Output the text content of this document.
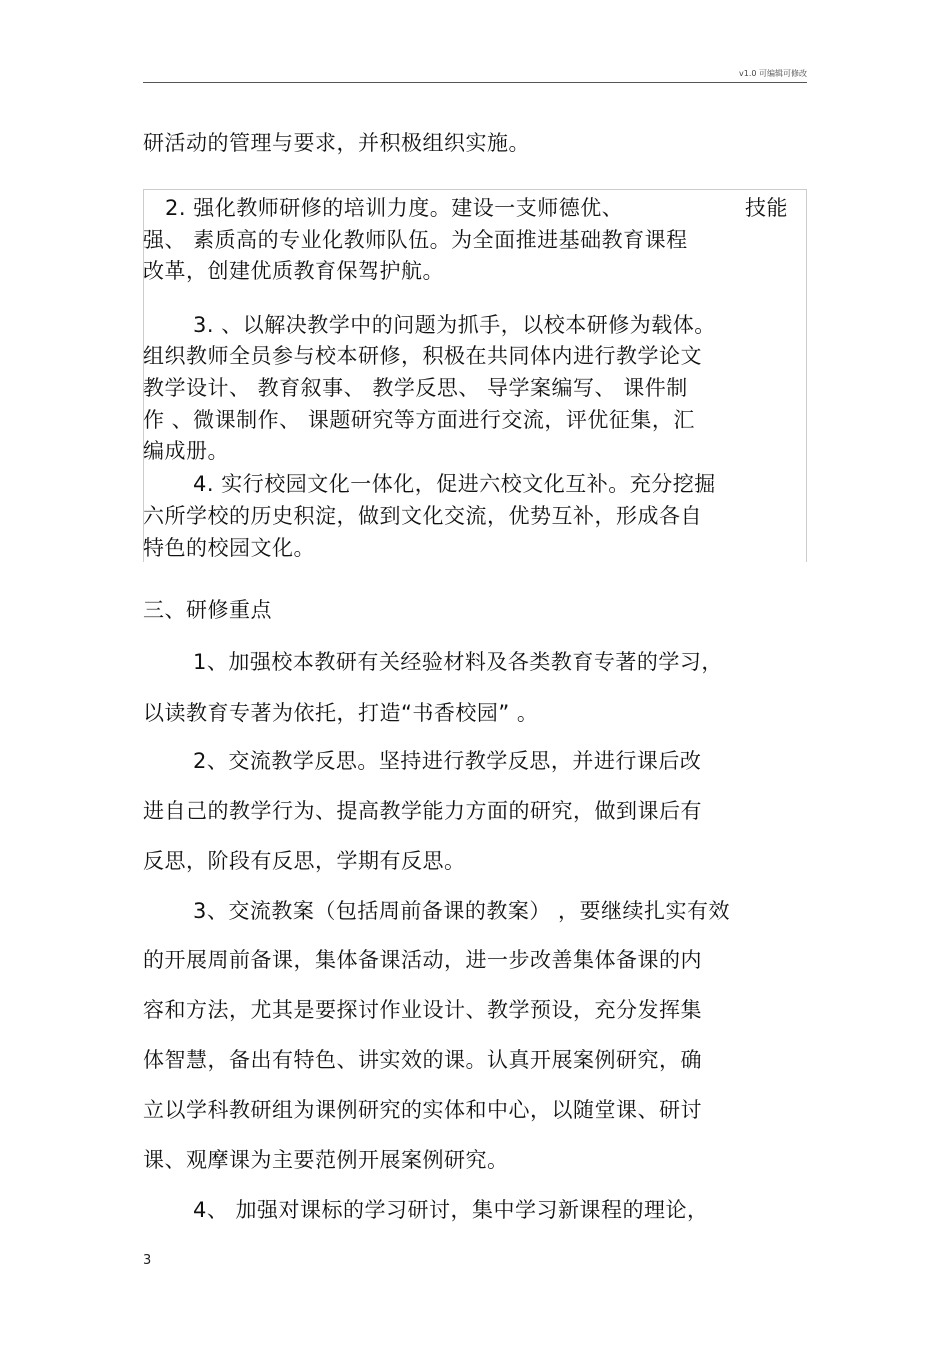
v1.0 可编辑可修改
研活动的管理与要求，并积极组织实施。
2. 强化教师研修的培训力度。建设一支师德优、	技能
强、 素质高的专业化教师队伍。为全面推进基础教育课程
改革，创建优质教育保驾护航。
3. 、以解决教学中的问题为抓手，以校本研修为载体。
组织教师全员参与校本研修，积极在共同体内进行教学论文
教学设计、 教育叙事、 教学反思、 导学案编写、 课件制
作 、微课制作、 课题研究等方面进行交流，评优征集，汇
编成册。
4. 实行校园文化一体化，促进六校文化互补。充分挖掘
六所学校的历史积淀，做到文化交流，优势互补，形成各自
特色的校园文化。
三、研修重点
1、加强校本教研有关经验材料及各类教育专著的学习，
以读教育专著为依托，打造“书香校园” 。
2、交流教学反思。坚持进行教学反思，并进行课后改
进自己的教学行为、提高教学能力方面的研究，做到课后有
反思，阶段有反思，学期有反思。
3、交流教案（包括周前备课的教案） ，要继续扎实有效
的开展周前备课，集体备课活动，进一步改善集体备课的内
容和方法，尤其是要探讨作业设计、教学预设，充分发挥集
体智慧，备出有特色、讲实效的课。认真开展案例研究，确
立以学科教研组为课例研究的实体和中心，以随堂课、研讨
课、观摩课为主要范例开展案例研究。
4、 加强对课标的学习研讨，集中学习新课程的理论，
3
